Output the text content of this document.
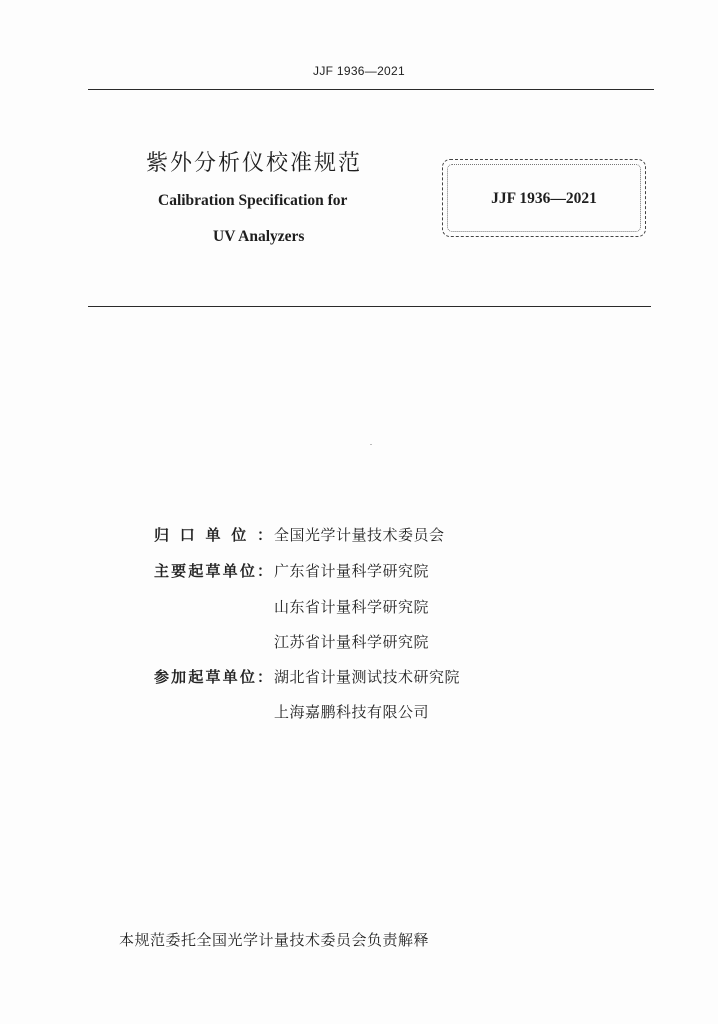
JJF 1936—2021
紫外分析仪校准规范
Calibration Specification for
UV Analyzers
JJF 1936—2021
归口单位： 全国光学计量技术委员会
主要起草单位： 广东省计量科学研究院
山东省计量科学研究院
江苏省计量科学研究院
参加起草单位： 湖北省计量测试技术研究院
上海嘉鹏科技有限公司
本规范委托全国光学计量技术委员会负责解释
